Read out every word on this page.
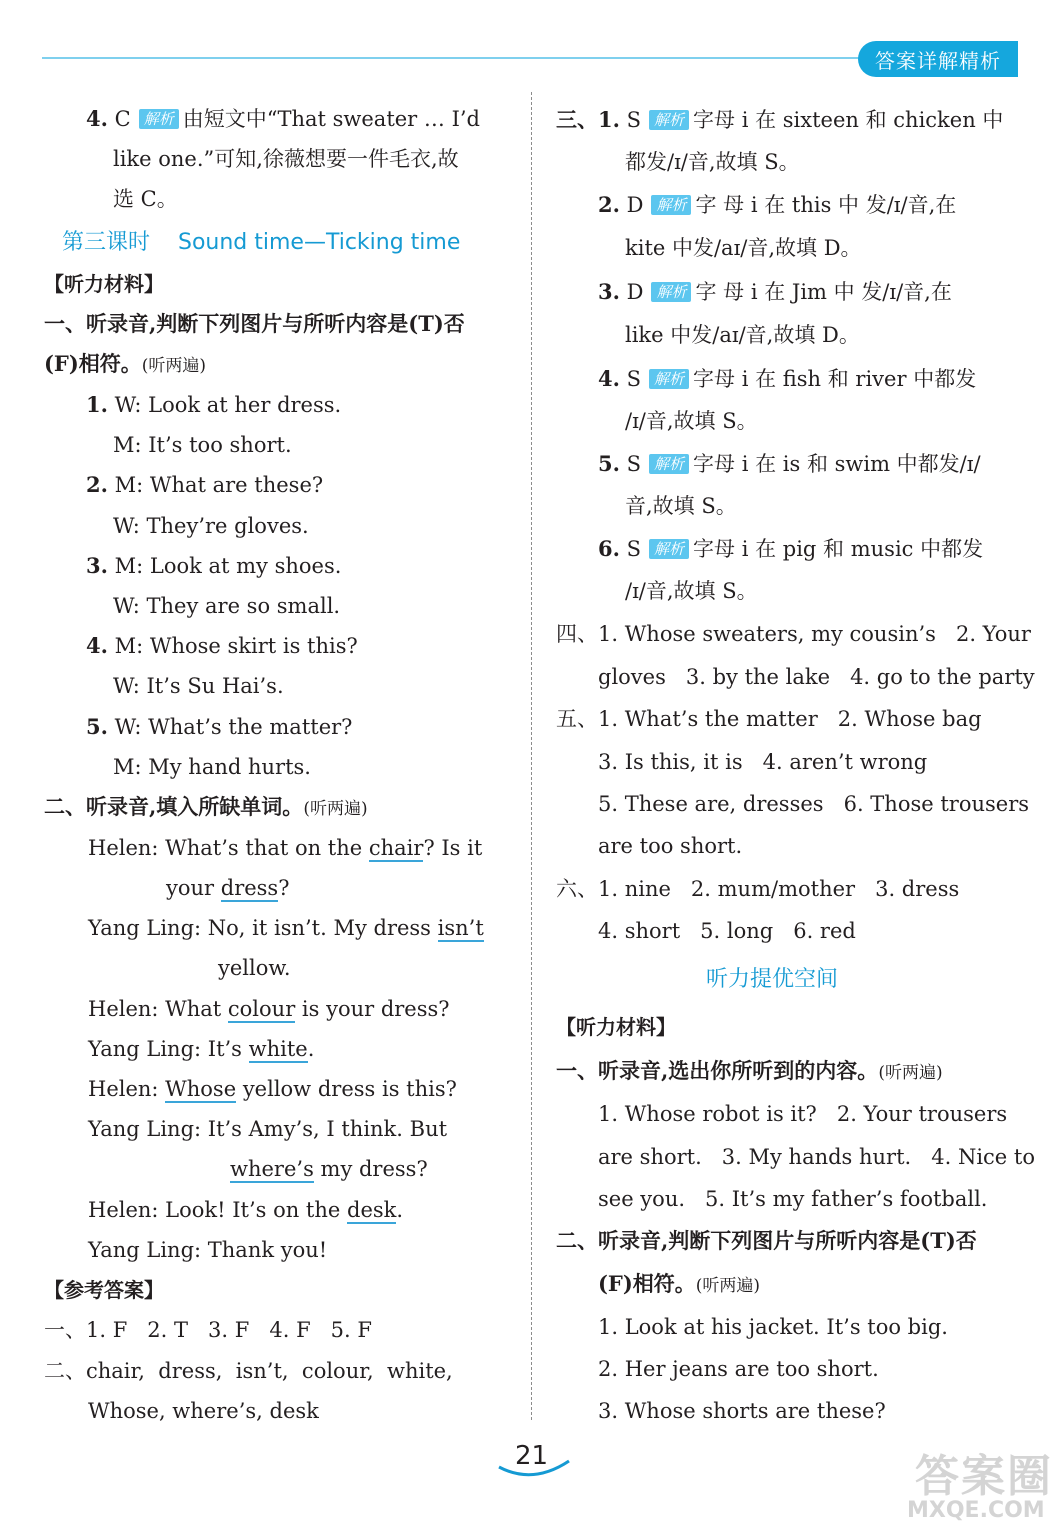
答案详解精析
4. C 解析 由短文中“That sweater … I’d
like one.”可知,徐薇想要一件毛衣,故
选 C。
第三课时    Sound time—Ticking time
【听力材料】
一、听录音,判断下列图片与所听内容是(T)否
(F)相符。(听两遍)
1. W: Look at her dress.
M: It’s too short.
2. M: What are these?
W: They’re gloves.
3. M: Look at my shoes.
W: They are so small.
4. M: Whose skirt is this?
W: It’s Su Hai’s.
5. W: What’s the matter?
M: My hand hurts.
二、听录音,填入所缺单词。(听两遍)
Helen: What’s that on the chair? Is it
your dress?
Yang Ling: No, it isn’t. My dress isn’t
yellow.
Helen: What colour is your dress?
Yang Ling: It’s white.
Helen: Whose yellow dress is this?
Yang Ling: It’s Amy’s, I think. But
where’s my dress?
Helen: Look! It’s on the desk.
Yang Ling: Thank you!
【参考答案】
一、1. F   2. T   3. F   4. F   5. F
二、chair,  dress,  isn’t,  colour,  white,
Whose, where’s, desk
三、 1. S 解析 字母 i 在 sixteen 和 chicken 中
都发/ɪ/音,故填 S。
2. D 解析 字 母 i 在 this 中 发/ɪ/音,在
kite 中发/aɪ/音,故填 D。
3. D 解析 字 母 i 在 Jim 中 发/ɪ/音,在
like 中发/aɪ/音,故填 D。
4. S 解析 字母 i 在 fish 和 river 中都发
/ɪ/音,故填 S。
5. S 解析 字母 i 在 is 和 swim 中都发/ɪ/
音,故填 S。
6. S 解析 字母 i 在 pig 和 music 中都发
/ɪ/音,故填 S。
四、1. Whose sweaters, my cousin’s   2. Your
gloves   3. by the lake   4. go to the party
五、1. What’s the matter   2. Whose bag
3. Is this, it is   4. aren’t wrong
5. These are, dresses   6. Those trousers
are too short.
六、1. nine   2. mum/mother   3. dress
4. short   5. long   6. red
听力提优空间
【听力材料】
一、听录音,选出你所听到的内容。(听两遍)
1. Whose robot is it?   2. Your trousers
are short.   3. My hands hurt.   4. Nice to
see you.   5. It’s my father’s football.
二、听录音,判断下列图片与所听内容是(T)否
(F)相符。(听两遍)
1. Look at his jacket. It’s too big.
2. Her jeans are too short.
3. Whose shorts are these?
21	答案圈
MXQE.COM
